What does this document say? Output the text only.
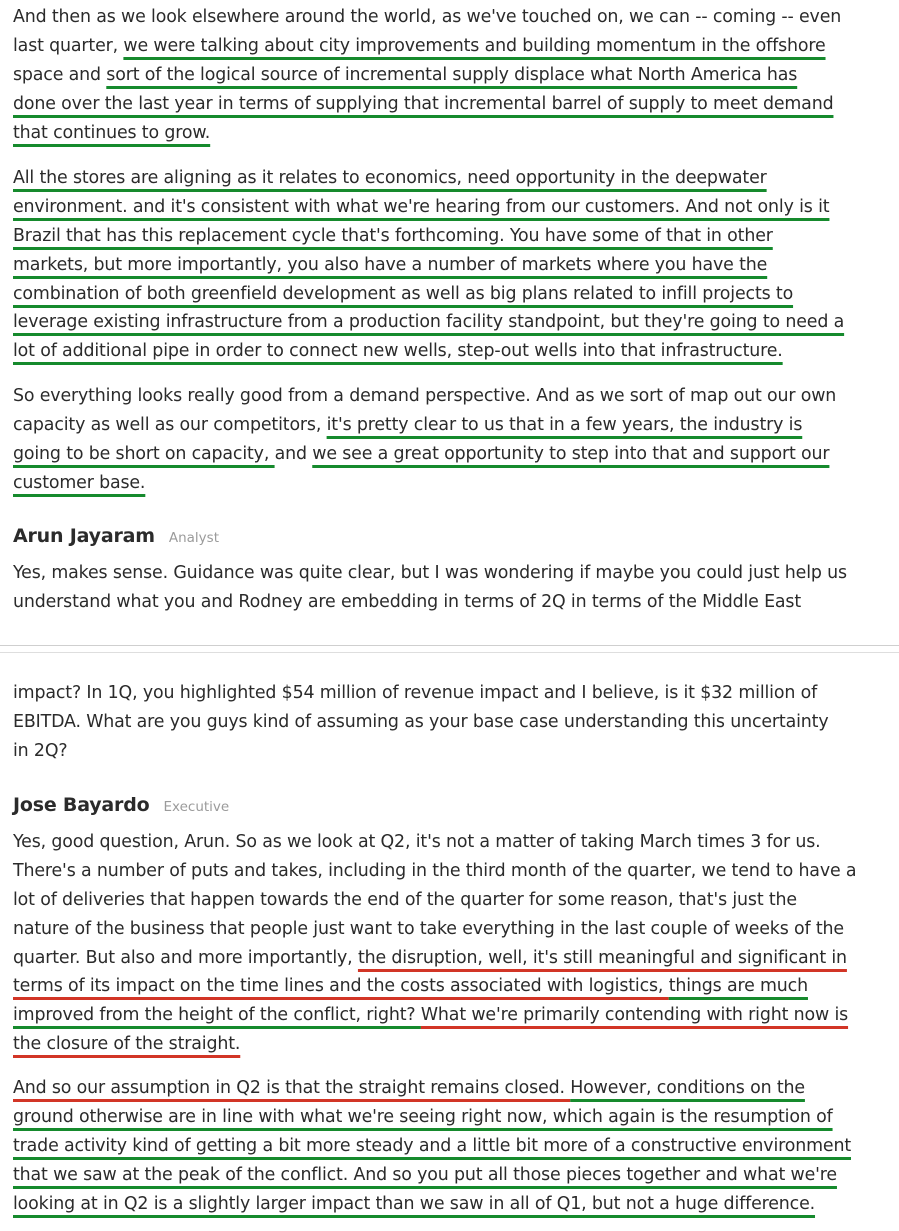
And then as we look elsewhere around the world, as we've touched on, we can -- coming -- even
last quarter, we were talking about city improvements and building momentum in the offshore
space and sort of the logical source of incremental supply displace what North America has
done over the last year in terms of supplying that incremental barrel of supply to meet demand
that continues to grow.

All the stores are aligning as it relates to economics, need opportunity in the deepwater
environment. and it's consistent with what we're hearing from our customers. And not only is it
Brazil that has this replacement cycle that's forthcoming. You have some of that in other
markets, but more importantly, you also have a number of markets where you have the
combination of both greenfield development as well as big plans related to infill projects to
leverage existing infrastructure from a production facility standpoint, but they're going to need a
lot of additional pipe in order to connect new wells, step-out wells into that infrastructure.

So everything looks really good from a demand perspective. And as we sort of map out our own
capacity as well as our competitors, it's pretty clear to us that in a few years, the industry is
going to be short on capacity, and we see a great opportunity to step into that and support our
customer base.

Arun Jayaram Analyst

Yes, makes sense. Guidance was quite clear, but I was wondering if maybe you could just help us
understand what you and Rodney are embedding in terms of 2Q in terms of the Middle East

impact? In 1Q, you highlighted $54 million of revenue impact and I believe, is it $32 million of
EBITDA. What are you guys kind of assuming as your base case understanding this uncertainty
in 2Q?

Jose Bayardo Executive

Yes, good question, Arun. So as we look at Q2, it's not a matter of taking March times 3 for us.
There's a number of puts and takes, including in the third month of the quarter, we tend to have a
lot of deliveries that happen towards the end of the quarter for some reason, that's just the
nature of the business that people just want to take everything in the last couple of weeks of the
quarter. But also and more importantly, the disruption, well, it's still meaningful and significant in
terms of its impact on the time lines and the costs associated with logistics, things are much
improved from the height of the conflict, right? What we're primarily contending with right now is
the closure of the straight.

And so our assumption in Q2 is that the straight remains closed. However, conditions on the
ground otherwise are in line with what we're seeing right now, which again is the resumption of
trade activity kind of getting a bit more steady and a little bit more of a constructive environment
that we saw at the peak of the conflict. And so you put all those pieces together and what we're
looking at in Q2 is a slightly larger impact than we saw in all of Q1, but not a huge difference.
